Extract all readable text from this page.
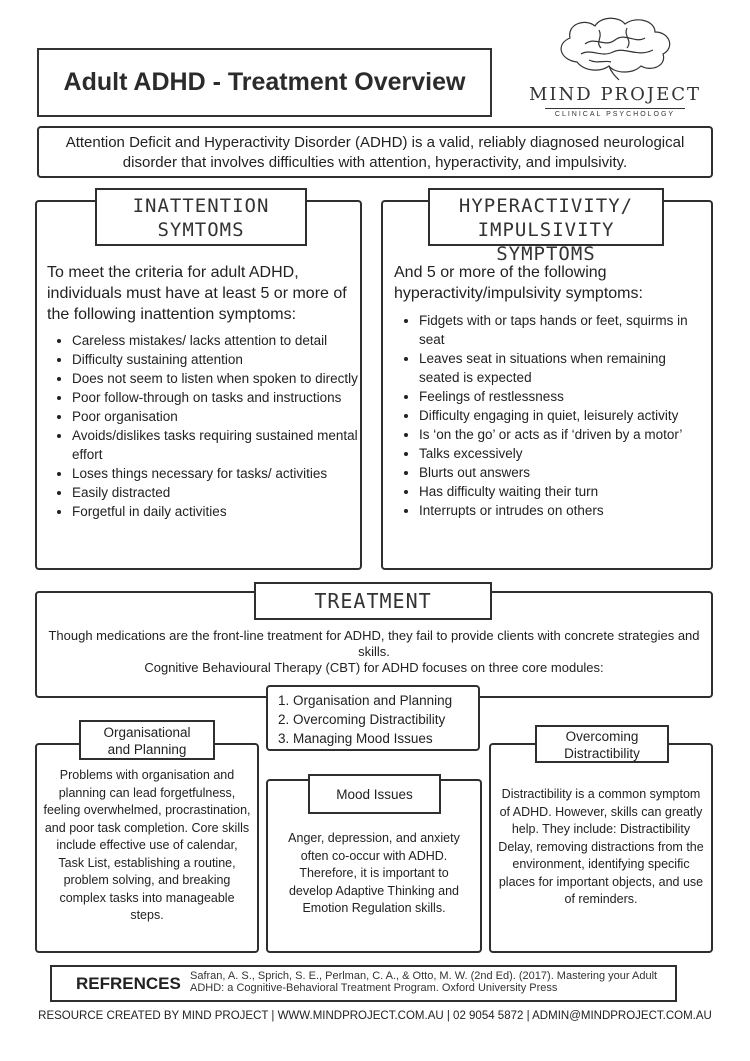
Adult ADHD - Treatment Overview	MIND PROJECT
CLINICAL PSYCHOLOGY
Attention Deficit and Hyperactivity Disorder (ADHD) is a valid, reliably diagnosed neurological disorder that involves difficulties with attention, hyperactivity, and impulsivity.
INATTENTION
SYMTOMS
To meet the criteria for adult ADHD, individuals must have at least 5 or more of the following inattention symptoms:
• Careless mistakes/ lacks attention to detail
• Difficulty sustaining attention
• Does not seem to listen when spoken to directly
• Poor follow-through on tasks and instructions
• Poor organisation
• Avoids/dislikes tasks requiring sustained mental effort
• Loses things necessary for tasks/ activities
• Easily distracted
• Forgetful in daily activities
HYPERACTIVITY/
IMPULSIVITY SYMPTOMS
And 5 or more of the following hyperactivity/impulsivity symptoms:
• Fidgets with or taps hands or feet, squirms in seat
• Leaves seat in situations when remaining seated is expected
• Feelings of restlessness
• Difficulty engaging in quiet, leisurely activity
• Is ‘on the go’ or acts as if ‘driven by a motor’
• Talks excessively
• Blurts out answers
• Has difficulty waiting their turn
• Interrupts or intrudes on others
TREATMENT
Though medications are the front-line treatment for ADHD, they fail to provide clients with concrete strategies and skills.
Cognitive Behavioural Therapy (CBT) for ADHD focuses on three core modules:
1. Organisation and Planning
2. Overcoming Distractibility
3. Managing Mood Issues
Organisational
and Planning
Problems with organisation and planning can lead forgetfulness, feeling overwhelmed, procrastination, and poor task completion. Core skills include effective use of calendar, Task List, establishing a routine, problem solving, and breaking complex tasks into manageable steps.
Mood Issues
Anger, depression, and anxiety often co-occur with ADHD. Therefore, it is important to develop Adaptive Thinking and Emotion Regulation skills.
Overcoming
Distractibility
Distractibility is a common symptom of ADHD. However, skills can greatly help. They include: Distractibility Delay, removing distractions from the environment, identifying specific places for important objects, and use of reminders.
REFRENCES Safran, A. S., Sprich, S. E., Perlman, C. A., & Otto, M. W. (2nd Ed). (2017). Mastering your Adult ADHD: a Cognitive-Behavioral Treatment Program. Oxford University Press
RESOURCE CREATED BY MIND PROJECT | WWW.MINDPROJECT.COM.AU | 02 9054 5872 | ADMIN@MINDPROJECT.COM.AU
